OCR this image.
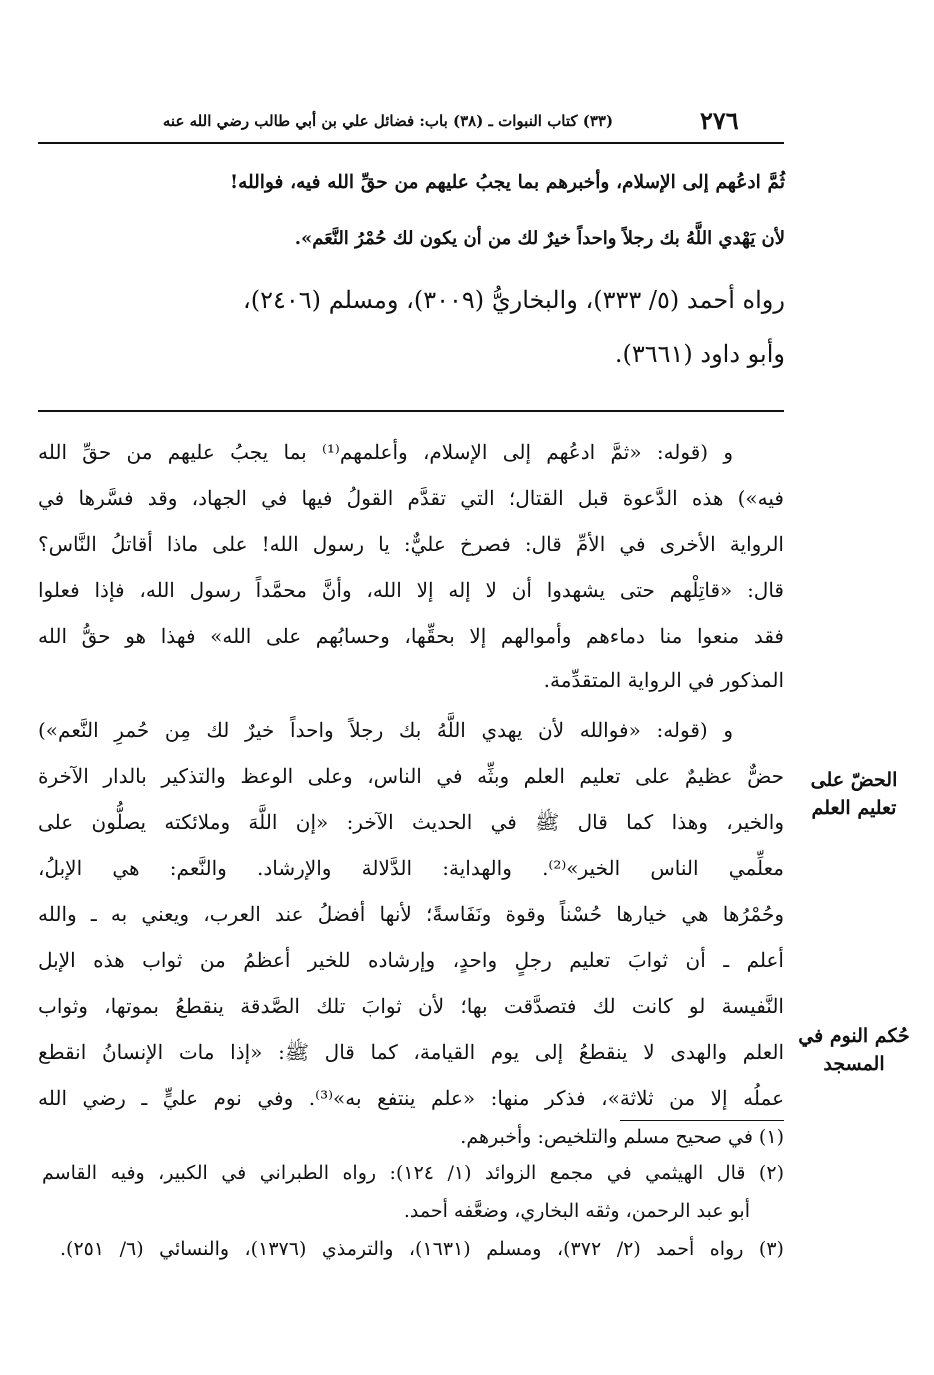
٢٧٦
(٣٣) كتاب النبوات ـ (٣٨) باب: فضائل علي بن أبي طالب رضي الله عنه
ثُمَّ ادعُهم إلى الإسلام، وأخبرهم بما يجبُ عليهم من حقِّ الله فيه، فوالله!
لأن يَهْدي اللَّهُ بك رجلاً واحداً خيرٌ لك من أن يكون لك حُمْرُ النَّعَم».
رواه أحمد (٥/ ٣٣٣)، والبخاريُّ (٣٠٠٩)، ومسلم (٢٤٠٦)،
وأبو داود (٣٦٦١).
و (قوله: «ثمَّ ادعُهم إلى الإسلام، وأعلمهم⁽¹⁾ بما يجبُ عليهم من حقِّ الله
فيه») هذه الدَّعوة قبل القتال؛ التي تقدَّم القولُ فيها في الجهاد، وقد فسَّرها في
الرواية الأخرى في الأمِّ قال: فصرخ عليٌّ: يا رسول الله! على ماذا أقاتلُ النَّاس؟
قال: «قاتِلْهم حتى يشهدوا أن لا إله إلا الله، وأنَّ محمَّداً رسول الله، فإذا فعلوا
فقد منعوا منا دماءهم وأموالهم إلا بحقِّها، وحسابُهم على الله» فهذا هو حقُّ الله
المذكور في الرواية المتقدِّمة.
و (قوله: «فوالله لأن يهدي اللَّهُ بك رجلاً واحداً خيرٌ لك مِن حُمرِ النَّعم»)
حضٌّ عظيمٌ على تعليم العلم وبثِّه في الناس، وعلى الوعظ والتذكير بالدار الآخرة
والخير، وهذا كما قال ﷺ في الحديث الآخر: «إن اللَّهَ وملائكته يصلُّون على
معلِّمي الناس الخير»⁽²⁾. والهداية: الدَّلالة والإرشاد. والنَّعم: هي الإبلُ،
وحُمْرُها هي خيارها حُسْناً وقوة ونَفَاسةً؛ لأنها أفضلُ عند العرب، ويعني به ـ والله
أعلم ـ أن ثوابَ تعليم رجلٍ واحدٍ، وإرشاده للخير أعظمُ من ثواب هذه الإبل
النَّفيسة لو كانت لك فتصدَّقت بها؛ لأن ثوابَ تلك الصَّدقة ينقطعُ بموتها، وثواب
العلم والهدى لا ينقطعُ إلى يوم القيامة، كما قال ﷺ: «إذا مات الإنسانُ انقطع
عملُه إلا من ثلاثة»، فذكر منها: «علم ينتفع به»⁽³⁾. وفي نوم عليٍّ ـ رضي الله
الحضّ على
تعليم العلم
حُكم النوم في
المسجد
(١) في صحيح مسلم والتلخيص: وأخبرهم.
(٢) قال الهيثمي في مجمع الزوائد (١/ ١٢٤): رواه الطبراني في الكبير، وفيه القاسم
أبو عبد الرحمن، وثقه البخاري، وضعَّفه أحمد.
(٣) رواه أحمد (٢/ ٣٧٢)، ومسلم (١٦٣١)، والترمذي (١٣٧٦)، والنسائي (٦/ ٢٥١).
